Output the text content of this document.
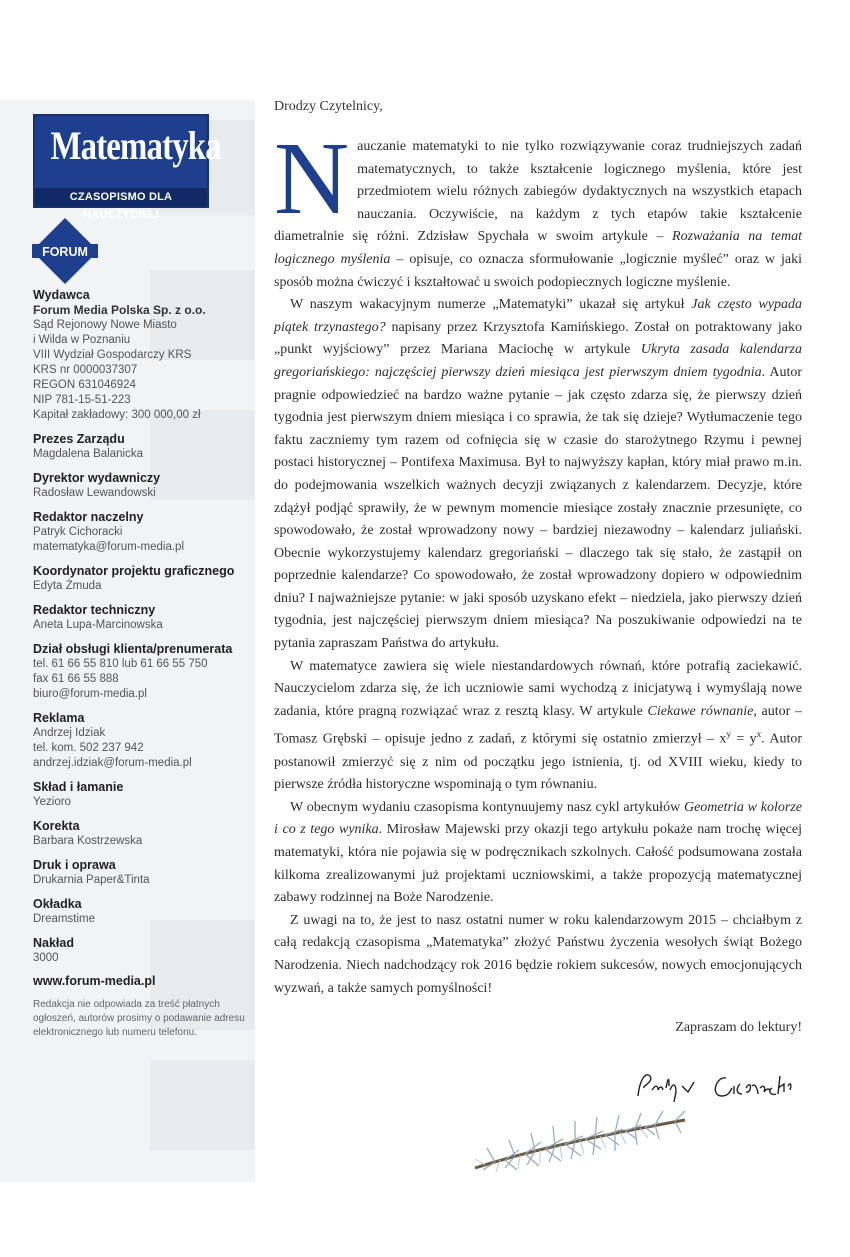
Matematyka
CZASOPISMO DLA NAUCZYCIELI
FORUM
Wydawca
Forum Media Polska Sp. z o.o.
Sąd Rejonowy Nowe Miasto
i Wilda w Poznaniu
VIII Wydział Gospodarczy KRS
KRS nr 0000037307
REGON 631046924
NIP 781-15-51-223
Kapitał zakładowy: 300 000,00 zł
Prezes Zarządu
Magdalena Balanicka
Dyrektor wydawniczy
Radosław Lewandowski
Redaktor naczelny
Patryk Cichoracki
matematyka@forum-media.pl
Koordynator projektu graficznego
Edyta Żmuda
Redaktor techniczny
Aneta Lupa-Marcinowska
Dział obsługi klienta/prenumerata
tel. 61 66 55 810 lub 61 66 55 750
fax 61 66 55 888
biuro@forum-media.pl
Reklama
Andrzej Idziak
tel. kom. 502 237 942
andrzej.idziak@forum-media.pl
Skład i łamanie
Yezioro
Korekta
Barbara Kostrzewska
Druk i oprawa
Drukarnia Paper&Tinta
Okładka
Dreamstime
Nakład
3000
www.forum-media.pl
Redakcja nie odpowiada za treść płatnych ogłoszeń, autorów prosimy o podawanie adresu elektronicznego lub numeru telefonu.
Drodzy Czytelnicy,

Nauczanie matematyki to nie tylko rozwiązywanie coraz trudniejszych zadań matematycznych, to także kształcenie logicznego myślenia, które jest przedmiotem wielu różnych zabiegów dydaktycznych na wszystkich etapach nauczania. Oczywiście, na każdym z tych etapów takie kształcenie diametralnie się różni. Zdzisław Spychała w swoim artykule – Rozważania na temat logicznego myślenia – opisuje, co oznacza sformułowanie „logicznie myśleć” oraz w jaki sposób można ćwiczyć i kształtować u swoich podopiecznych logiczne myślenie.

W naszym wakacyjnym numerze „Matematyki” ukazał się artykuł Jak często wypada piątek trzynastego? napisany przez Krzysztofa Kamińskiego. Został on potraktowany jako „punkt wyjściowy” przez Mariana Maciochę w artykule Ukryta zasada kalendarza gregoriańskiego: najczęściej pierwszy dzień miesiąca jest pierwszym dniem tygodnia. Autor pragnie odpowiedzieć na bardzo ważne pytanie – jak często zdarza się, że pierwszy dzień tygodnia jest pierwszym dniem miesiąca i co sprawia, że tak się dzieje? Wytłumaczenie tego faktu zaczniemy tym razem od cofnięcia się w czasie do starożytnego Rzymu i pewnej postaci historycznej – Pontifexa Maximusa. Był to najwyższy kapłan, który miał prawo m.in. do podejmowania wszelkich ważnych decyzji związanych z kalendarzem. Decyzje, które zdążył podjąć sprawiły, że w pewnym momencie miesiące zostały znacznie przesunięte, co spowodowało, że został wprowadzony nowy – bardziej niezawodny – kalendarz juliański. Obecnie wykorzystujemy kalendarz gregoriański – dlaczego tak się stało, że zastąpił on poprzednie kalendarze? Co spowodowało, że został wprowadzony dopiero w odpowiednim dniu? I najważniejsze pytanie: w jaki sposób uzyskano efekt – niedziela, jako pierwszy dzień tygodnia, jest najczęściej pierwszym dniem miesiąca? Na poszukiwanie odpowiedzi na te pytania zapraszam Państwa do artykułu.

W matematyce zawiera się wiele niestandardowych równań, które potrafią zaciekawić. Nauczycielom zdarza się, że ich uczniowie sami wychodzą z inicjatywą i wymyślają nowe zadania, które pragną rozwiązać wraz z resztą klasy. W artykule Ciekawe równanie, autor – Tomasz Grębski – opisuje jedno z zadań, z którymi się ostatnio zmierzył – $x^y = y^x$. Autor postanowił zmierzyć się z nim od początku jego istnienia, tj. od XVIII wieku, kiedy to pierwsze źródła historyczne wspominają o tym równaniu.

W obecnym wydaniu czasopisma kontynuujemy nasz cykl artykułów Geometria w kolorze i co z tego wynika. Mirosław Majewski przy okazji tego artykułu pokaże nam trochę więcej matematyki, która nie pojawia się w podręcznikach szkolnych. Całość podsumowana została kilkoma zrealizowanymi już projektami uczniowskimi, a także propozycją matematycznej zabawy rodzinnej na Boże Narodzenie.

Z uwagi na to, że jest to nasz ostatni numer w roku kalendarzowym 2015 – chciałbym z całą redakcją czasopisma „Matematyka” złożyć Państwu życzenia wesołych świąt Bożego Narodzenia. Niech nadchodzący rok 2016 będzie rokiem sukcesów, nowych emocjonujących wyzwań, a także samych pomyślności!

Zapraszam do lektury!
